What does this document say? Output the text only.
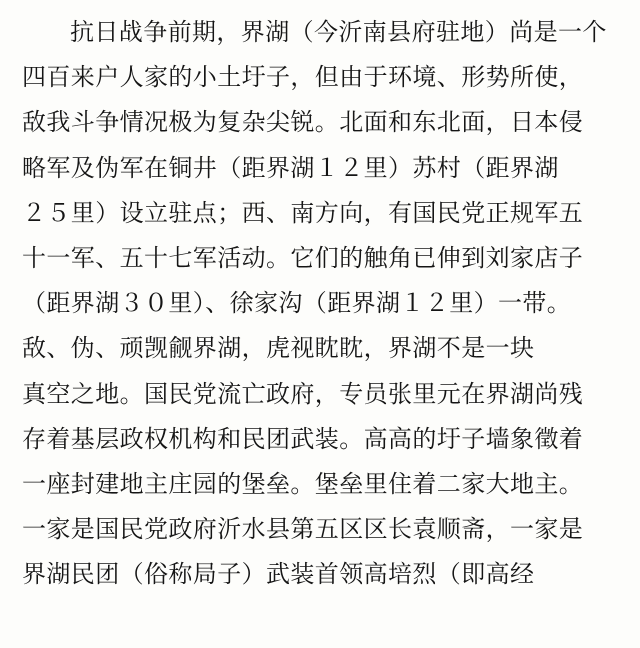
抗日战争前期，界湖（今沂南县府驻地）尚是一个
四百来户人家的小土圩子，但由于环境、形势所使，
敌我斗争情况极为复杂尖锐。北面和东北面，日本侵
略军及伪军在铜井（距界湖１２里）苏村（距界湖
２５里）设立驻点；西、南方向，有国民党正规军五
十一军、五十七军活动。它们的触角已伸到刘家店子
（距界湖３０里）、徐家沟（距界湖１２里）一带。
敌、伪、顽觊觎界湖，虎视眈眈，界湖不是一块
真空之地。国民党流亡政府，专员张里元在界湖尚残
存着基层政权机构和民团武装。高高的圩子墙象徵着
一座封建地主庄园的堡垒。堡垒里住着二家大地主。
一家是国民党政府沂水县第五区区长袁顺斋，一家是
界湖民团（俗称局子）武装首领高培烈（即高经
